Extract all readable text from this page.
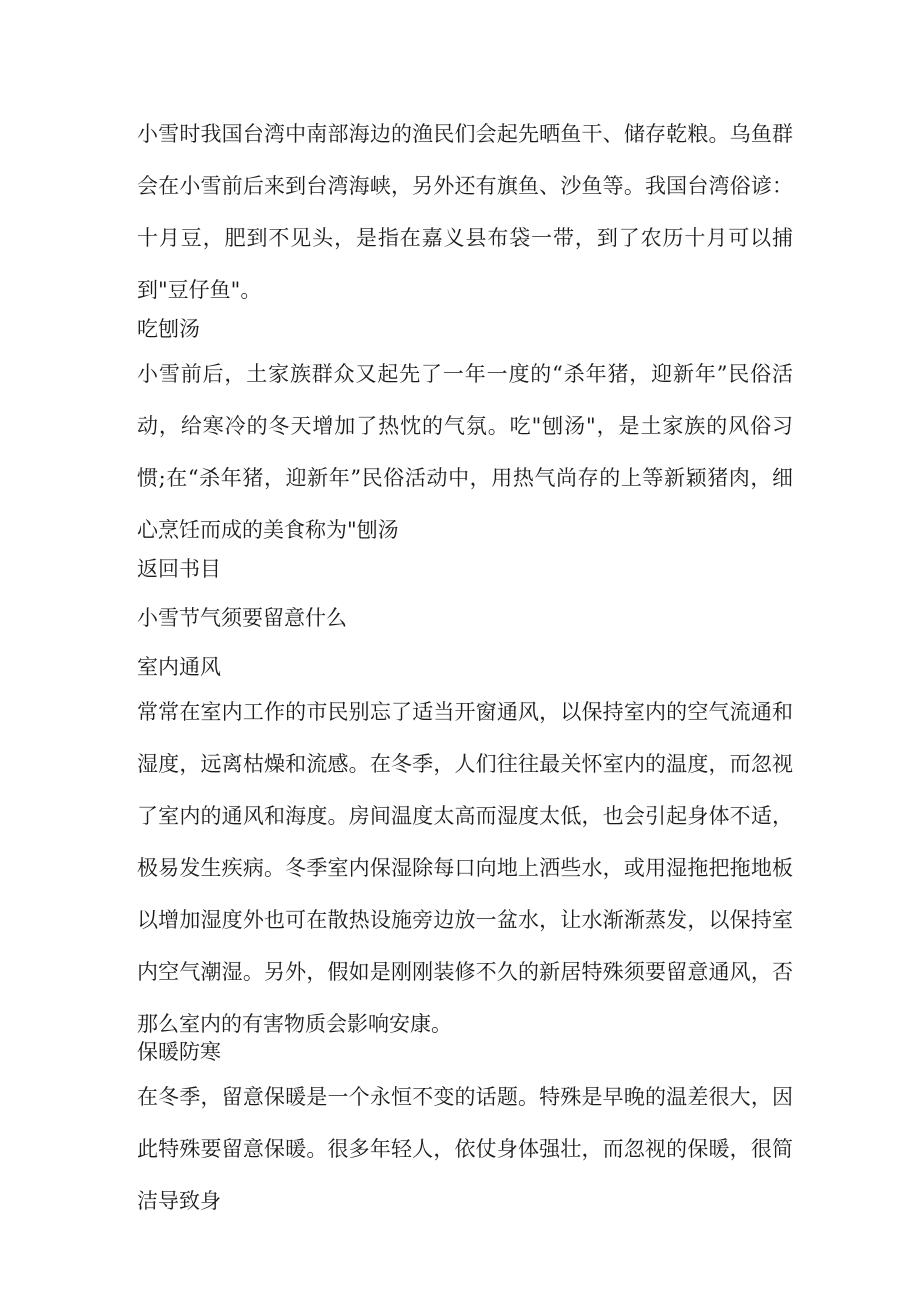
小雪时我国台湾中南部海边的渔民们会起先晒鱼干、储存乾粮。乌鱼群会在小雪前后来到台湾海峡，另外还有旗鱼、沙鱼等。我国台湾俗谚：十月豆，肥到不见头，是指在嘉义县布袋一带，到了农历十月可以捕到"豆仔鱼"。
吃刨汤
小雪前后，土家族群众又起先了一年一度的“杀年猪，迎新年”民俗活动，给寒冷的冬天增加了热忱的气氛。吃"刨汤"，是土家族的风俗习惯;在“杀年猪，迎新年”民俗活动中，用热气尚存的上等新颖猪肉，细心烹饪而成的美食称为"刨汤
返回书目
小雪节气须要留意什么
室内通风
常常在室内工作的市民别忘了适当开窗通风，以保持室内的空气流通和湿度，远离枯燥和流感。在冬季，人们往往最关怀室内的温度，而忽视了室内的通风和海度。房间温度太高而湿度太低，也会引起身体不适，极易发生疾病。冬季室内保湿除每口向地上洒些水，或用湿拖把拖地板以增加湿度外也可在散热设施旁边放一盆水，让水渐渐蒸发，以保持室内空气潮湿。另外，假如是刚刚装修不久的新居特殊须要留意通风，否那么室内的有害物质会影响安康。
保暖防寒
在冬季，留意保暖是一个永恒不变的话题。特殊是早晚的温差很大，因此特殊要留意保暖。很多年轻人，依仗身体强壮，而忽视的保暖，很简洁导致身
